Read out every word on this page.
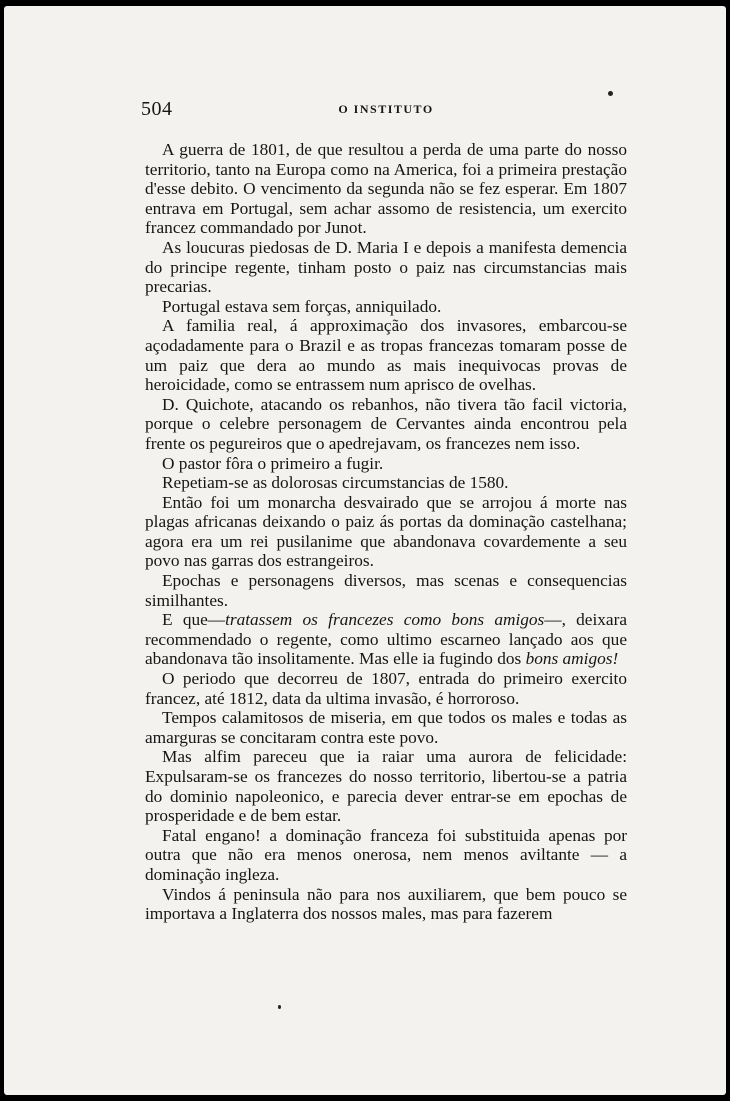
504	O INSTITUTO

A guerra de 1801, de que resultou a perda de uma parte do nosso territorio, tanto na Europa como na America, foi a primeira prestação d'esse debito. O vencimento da segunda não se fez esperar. Em 1807 entrava em Portugal, sem achar assomo de resistencia, um exercito francez commandado por Junot.

As loucuras piedosas de D. Maria I e depois a manifesta demencia do principe regente, tinham posto o paiz nas circumstancias mais precarias.

Portugal estava sem forças, anniquilado.

A familia real, á approximação dos invasores, embarcou-se açodadamente para o Brazil e as tropas francezas tomaram posse de um paiz que dera ao mundo as mais inequivocas provas de heroicidade, como se entrassem num aprisco de ovelhas.

D. Quichote, atacando os rebanhos, não tivera tão facil victoria, porque o celebre personagem de Cervantes ainda encontrou pela frente os pegureiros que o apedrejavam, os francezes nem isso.

O pastor fôra o primeiro a fugir.

Repetiam-se as dolorosas circumstancias de 1580.

Então foi um monarcha desvairado que se arrojou á morte nas plagas africanas deixando o paiz ás portas da dominação castelhana; agora era um rei pusilanime que abandonava covardemente a seu povo nas garras dos estrangeiros.

Epochas e personagens diversos, mas scenas e consequencias similhantes.

E que—tratassem os francezes como bons amigos—, deixara recommendado o regente, como ultimo escarneo lançado aos que abandonava tão insolitamente. Mas elle ia fugindo dos bons amigos!

O periodo que decorreu de 1807, entrada do primeiro exercito francez, até 1812, data da ultima invasão, é horroroso.

Tempos calamitosos de miseria, em que todos os males e todas as amarguras se concitaram contra este povo.

Mas alfim pareceu que ia raiar uma aurora de felicidade: Expulsaram-se os francezes do nosso territorio, libertou-se a patria do dominio napoleonico, e parecia dever entrar-se em epochas de prosperidade e de bem estar.

Fatal engano! a dominação franceza foi substituida apenas por outra que não era menos onerosa, nem menos aviltante — a dominação ingleza.

Vindos á peninsula não para nos auxiliarem, que bem pouco se importava a Inglaterra dos nossos males, mas para fazerem
